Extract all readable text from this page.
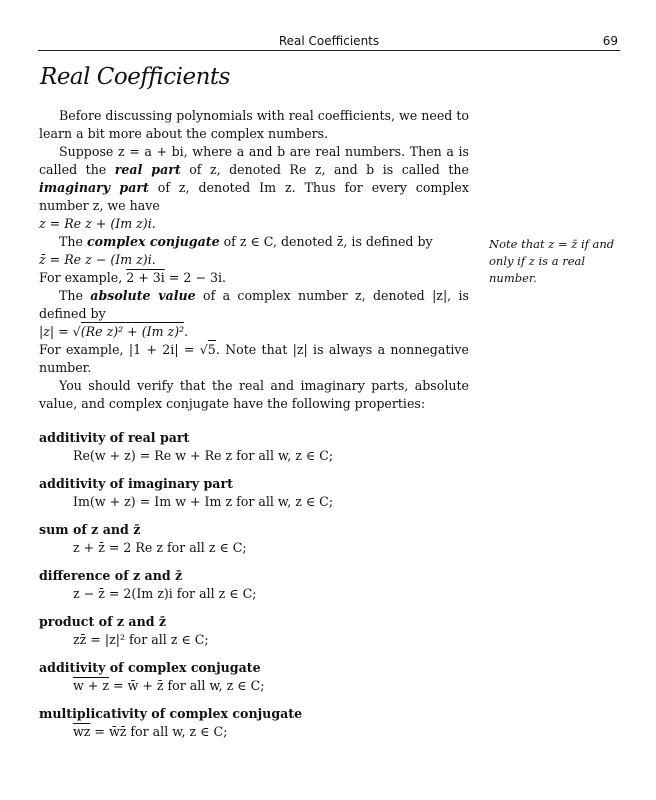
Real Coefficients	69
Real Coefficients
Note that z = z̄ if and only if z is a real number.

Before discussing polynomials with real coefficients, we need to learn a bit more about the complex numbers.

Suppose z = a + bi, where a and b are real numbers. Then a is called the real part of z, denoted Re z, and b is called the imaginary part of z, denoted Im z. Thus for every complex number z, we have

z = Re z + (Im z)i.

The complex conjugate of z ∈ C, denoted z̄, is defined by

z̄ = Re z − (Im z)i.

For example, 2 + 3i = 2 − 3i.

The absolute value of a complex number z, denoted |z|, is defined by

|z| = √(Re z)² + (Im z)².

For example, |1 + 2i| = √5. Note that |z| is always a nonnegative number.

You should verify that the real and imaginary parts, absolute value, and complex conjugate have the following properties:

additivity of real part
Re(w + z) = Re w + Re z for all w, z ∈ C;
additivity of imaginary part
Im(w + z) = Im w + Im z for all w, z ∈ C;
sum of z and z̄
z + z̄ = 2 Re z for all z ∈ C;
difference of z and z̄
z − z̄ = 2(Im z)i for all z ∈ C;
product of z and z̄
zz̄ = |z|² for all z ∈ C;
additivity of complex conjugate
w + z = w̄ + z̄ for all w, z ∈ C;
multiplicativity of complex conjugate
$\overline{wz}$ = w̄z̄ for all w, z ∈ C;
